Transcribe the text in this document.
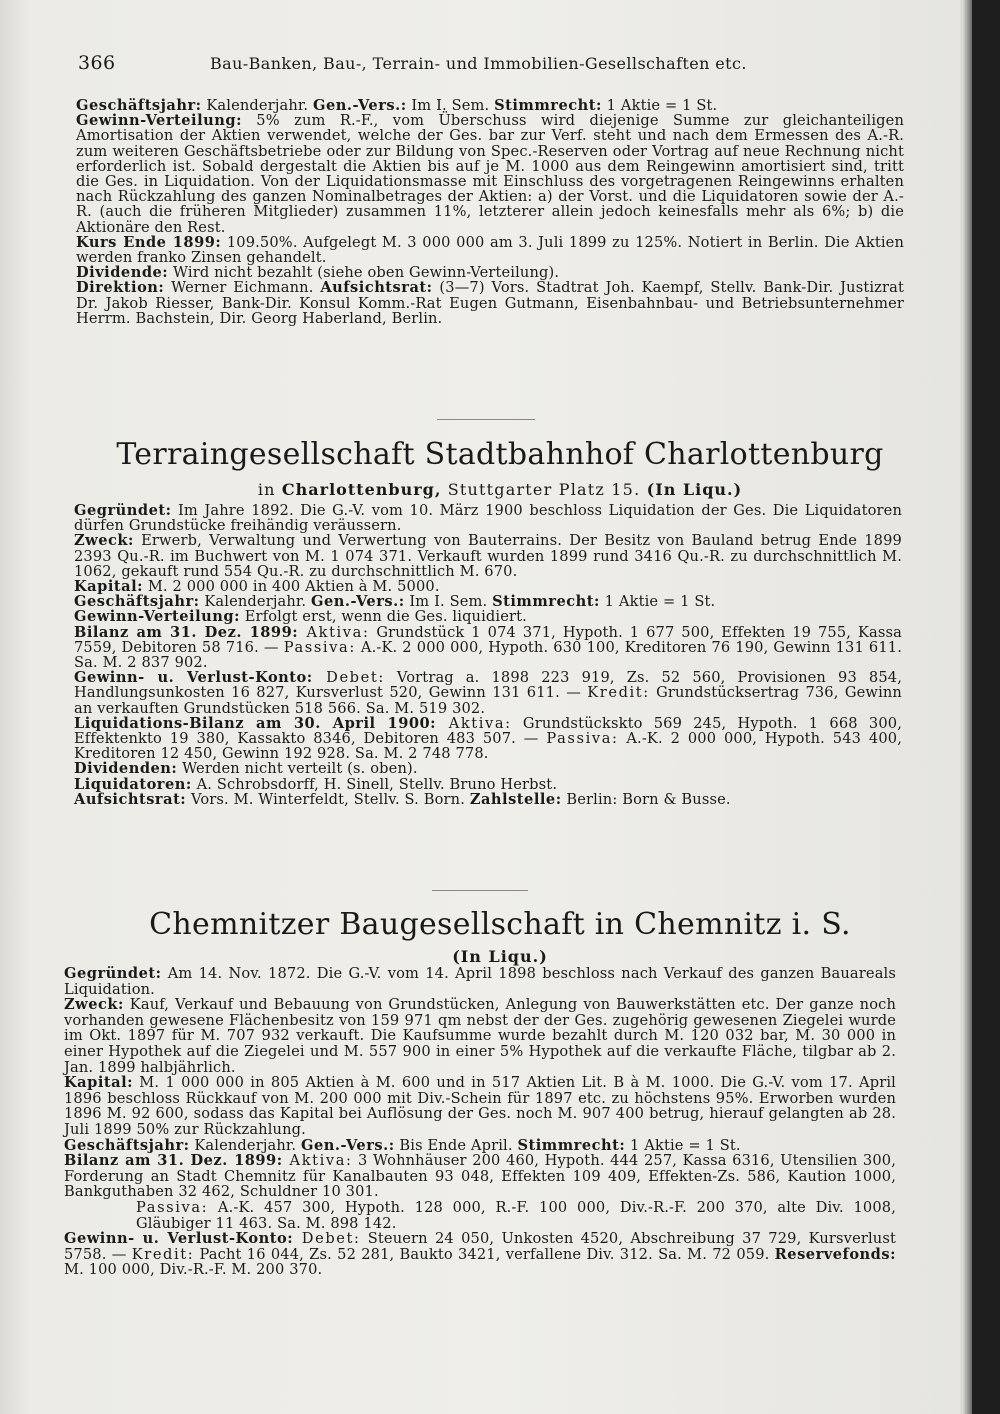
366	Bau-Banken, Bau-, Terrain- und Immobilien-Gesellschaften etc.

Geschäftsjahr: Kalenderjahr. Gen.-Vers.: Im I. Sem. Stimmrecht: 1 Aktie = 1 St.

Gewinn-Verteilung: 5% zum R.-F., vom Überschuss wird diejenige Summe zur gleichanteiligen Amortisation der Aktien verwendet, welche der Ges. bar zur Verf. steht und nach dem Ermessen des A.-R. zum weiteren Geschäftsbetriebe oder zur Bildung von Spec.-Reserven oder Vortrag auf neue Rechnung nicht erforderlich ist. Sobald dergestalt die Aktien bis auf je M. 1000 aus dem Reingewinn amortisiert sind, tritt die Ges. in Liquidation. Von der Liquidationsmasse mit Einschluss des vorgetragenen Reingewinns erhalten nach Rückzahlung des ganzen Nominalbetrages der Aktien: a) der Vorst. und die Liquidatoren sowie der A.-R. (auch die früheren Mitglieder) zusammen 11%, letzterer allein jedoch keinesfalls mehr als 6%; b) die Aktionäre den Rest.

Kurs Ende 1899: 109.50%. Aufgelegt M. 3 000 000 am 3. Juli 1899 zu 125%. Notiert in Berlin. Die Aktien werden franko Zinsen gehandelt.

Dividende: Wird nicht bezahlt (siehe oben Gewinn-Verteilung).

Direktion: Werner Eichmann. Aufsichtsrat: (3—7) Vors. Stadtrat Joh. Kaempf, Stellv. Bank-Dir. Justizrat Dr. Jakob Riesser, Bank-Dir. Konsul Komm.-Rat Eugen Gutmann, Eisenbahnbau- und Betriebsunternehmer Herrm. Bachstein, Dir. Georg Haberland, Berlin.

Terraingesellschaft Stadtbahnhof Charlottenburg
in Charlottenburg, Stuttgarter Platz 15. (In Liqu.)

Gegründet: Im Jahre 1892. Die G.-V. vom 10. März 1900 beschloss Liquidation der Ges. Die Liquidatoren dürfen Grundstücke freihändig veräussern.

Zweck: Erwerb, Verwaltung und Verwertung von Bauterrains. Der Besitz von Bauland betrug Ende 1899 2393 Qu.-R. im Buchwert von M. 1 074 371. Verkauft wurden 1899 rund 3416 Qu.-R. zu durchschnittlich M. 1062, gekauft rund 554 Qu.-R. zu durchschnittlich M. 670.

Kapital: M. 2 000 000 in 400 Aktien à M. 5000.

Geschäftsjahr: Kalenderjahr. Gen.-Vers.: Im I. Sem. Stimmrecht: 1 Aktie = 1 St.

Gewinn-Verteilung: Erfolgt erst, wenn die Ges. liquidiert.

Bilanz am 31. Dez. 1899: Aktiva: Grundstück 1 074 371, Hypoth. 1 677 500, Effekten 19 755, Kassa 7559, Debitoren 58 716. — Passiva: A.-K. 2 000 000, Hypoth. 630 100, Kreditoren 76 190, Gewinn 131 611. Sa. M. 2 837 902.

Gewinn- u. Verlust-Konto: Debet: Vortrag a. 1898 223 919, Zs. 52 560, Provisionen 93 854, Handlungsunkosten 16 827, Kursverlust 520, Gewinn 131 611. — Kredit: Grundstücksertrag 736, Gewinn an verkauften Grundstücken 518 566. Sa. M. 519 302.

Liquidations-Bilanz am 30. April 1900: Aktiva: Grundstückskto 569 245, Hypoth. 1 668 300, Effektenkto 19 380, Kassakto 8346, Debitoren 483 507. — Passiva: A.-K. 2 000 000, Hypoth. 543 400, Kreditoren 12 450, Gewinn 192 928. Sa. M. 2 748 778.

Dividenden: Werden nicht verteilt (s. oben).

Liquidatoren: A. Schrobsdorff, H. Sinell, Stellv. Bruno Herbst.

Aufsichtsrat: Vors. M. Winterfeldt, Stellv. S. Born. Zahlstelle: Berlin: Born & Busse.

Chemnitzer Baugesellschaft in Chemnitz i. S.
(In Liqu.)

Gegründet: Am 14. Nov. 1872. Die G.-V. vom 14. April 1898 beschloss nach Verkauf des ganzen Bauareals Liquidation.

Zweck: Kauf, Verkauf und Bebauung von Grundstücken, Anlegung von Bauwerkstätten etc. Der ganze noch vorhanden gewesene Flächenbesitz von 159 971 qm nebst der der Ges. zugehörig gewesenen Ziegelei wurde im Okt. 1897 für M. 707 932 verkauft. Die Kaufsumme wurde bezahlt durch M. 120 032 bar, M. 30 000 in einer Hypothek auf die Ziegelei und M. 557 900 in einer 5% Hypothek auf die verkaufte Fläche, tilgbar ab 2. Jan. 1899 halbjährlich.

Kapital: M. 1 000 000 in 805 Aktien à M. 600 und in 517 Aktien Lit. B à M. 1000. Die G.-V. vom 17. April 1896 beschloss Rückkauf von M. 200 000 mit Div.-Schein für 1897 etc. zu höchstens 95%. Erworben wurden 1896 M. 92 600, sodass das Kapital bei Auflösung der Ges. noch M. 907 400 betrug, hierauf gelangten ab 28. Juli 1899 50% zur Rückzahlung.

Geschäftsjahr: Kalenderjahr. Gen.-Vers.: Bis Ende April. Stimmrecht: 1 Aktie = 1 St.

Bilanz am 31. Dez. 1899: Aktiva: 3 Wohnhäuser 200 460, Hypoth. 444 257, Kassa 6316, Utensilien 300, Forderung an Stadt Chemnitz für Kanalbauten 93 048, Effekten 109 409, Effekten-Zs. 586, Kaution 1000, Bankguthaben 32 462, Schuldner 10 301.

Passiva: A.-K. 457 300, Hypoth. 128 000, R.-F. 100 000, Div.-R.-F. 200 370, alte Div. 1008, Gläubiger 11 463. Sa. M. 898 142.

Gewinn- u. Verlust-Konto: Debet: Steuern 24 050, Unkosten 4520, Abschreibung 37 729, Kursverlust 5758. — Kredit: Pacht 16 044, Zs. 52 281, Baukto 3421, verfallene Div. 312. Sa. M. 72 059. Reservefonds: M. 100 000, Div.-R.-F. M. 200 370.
